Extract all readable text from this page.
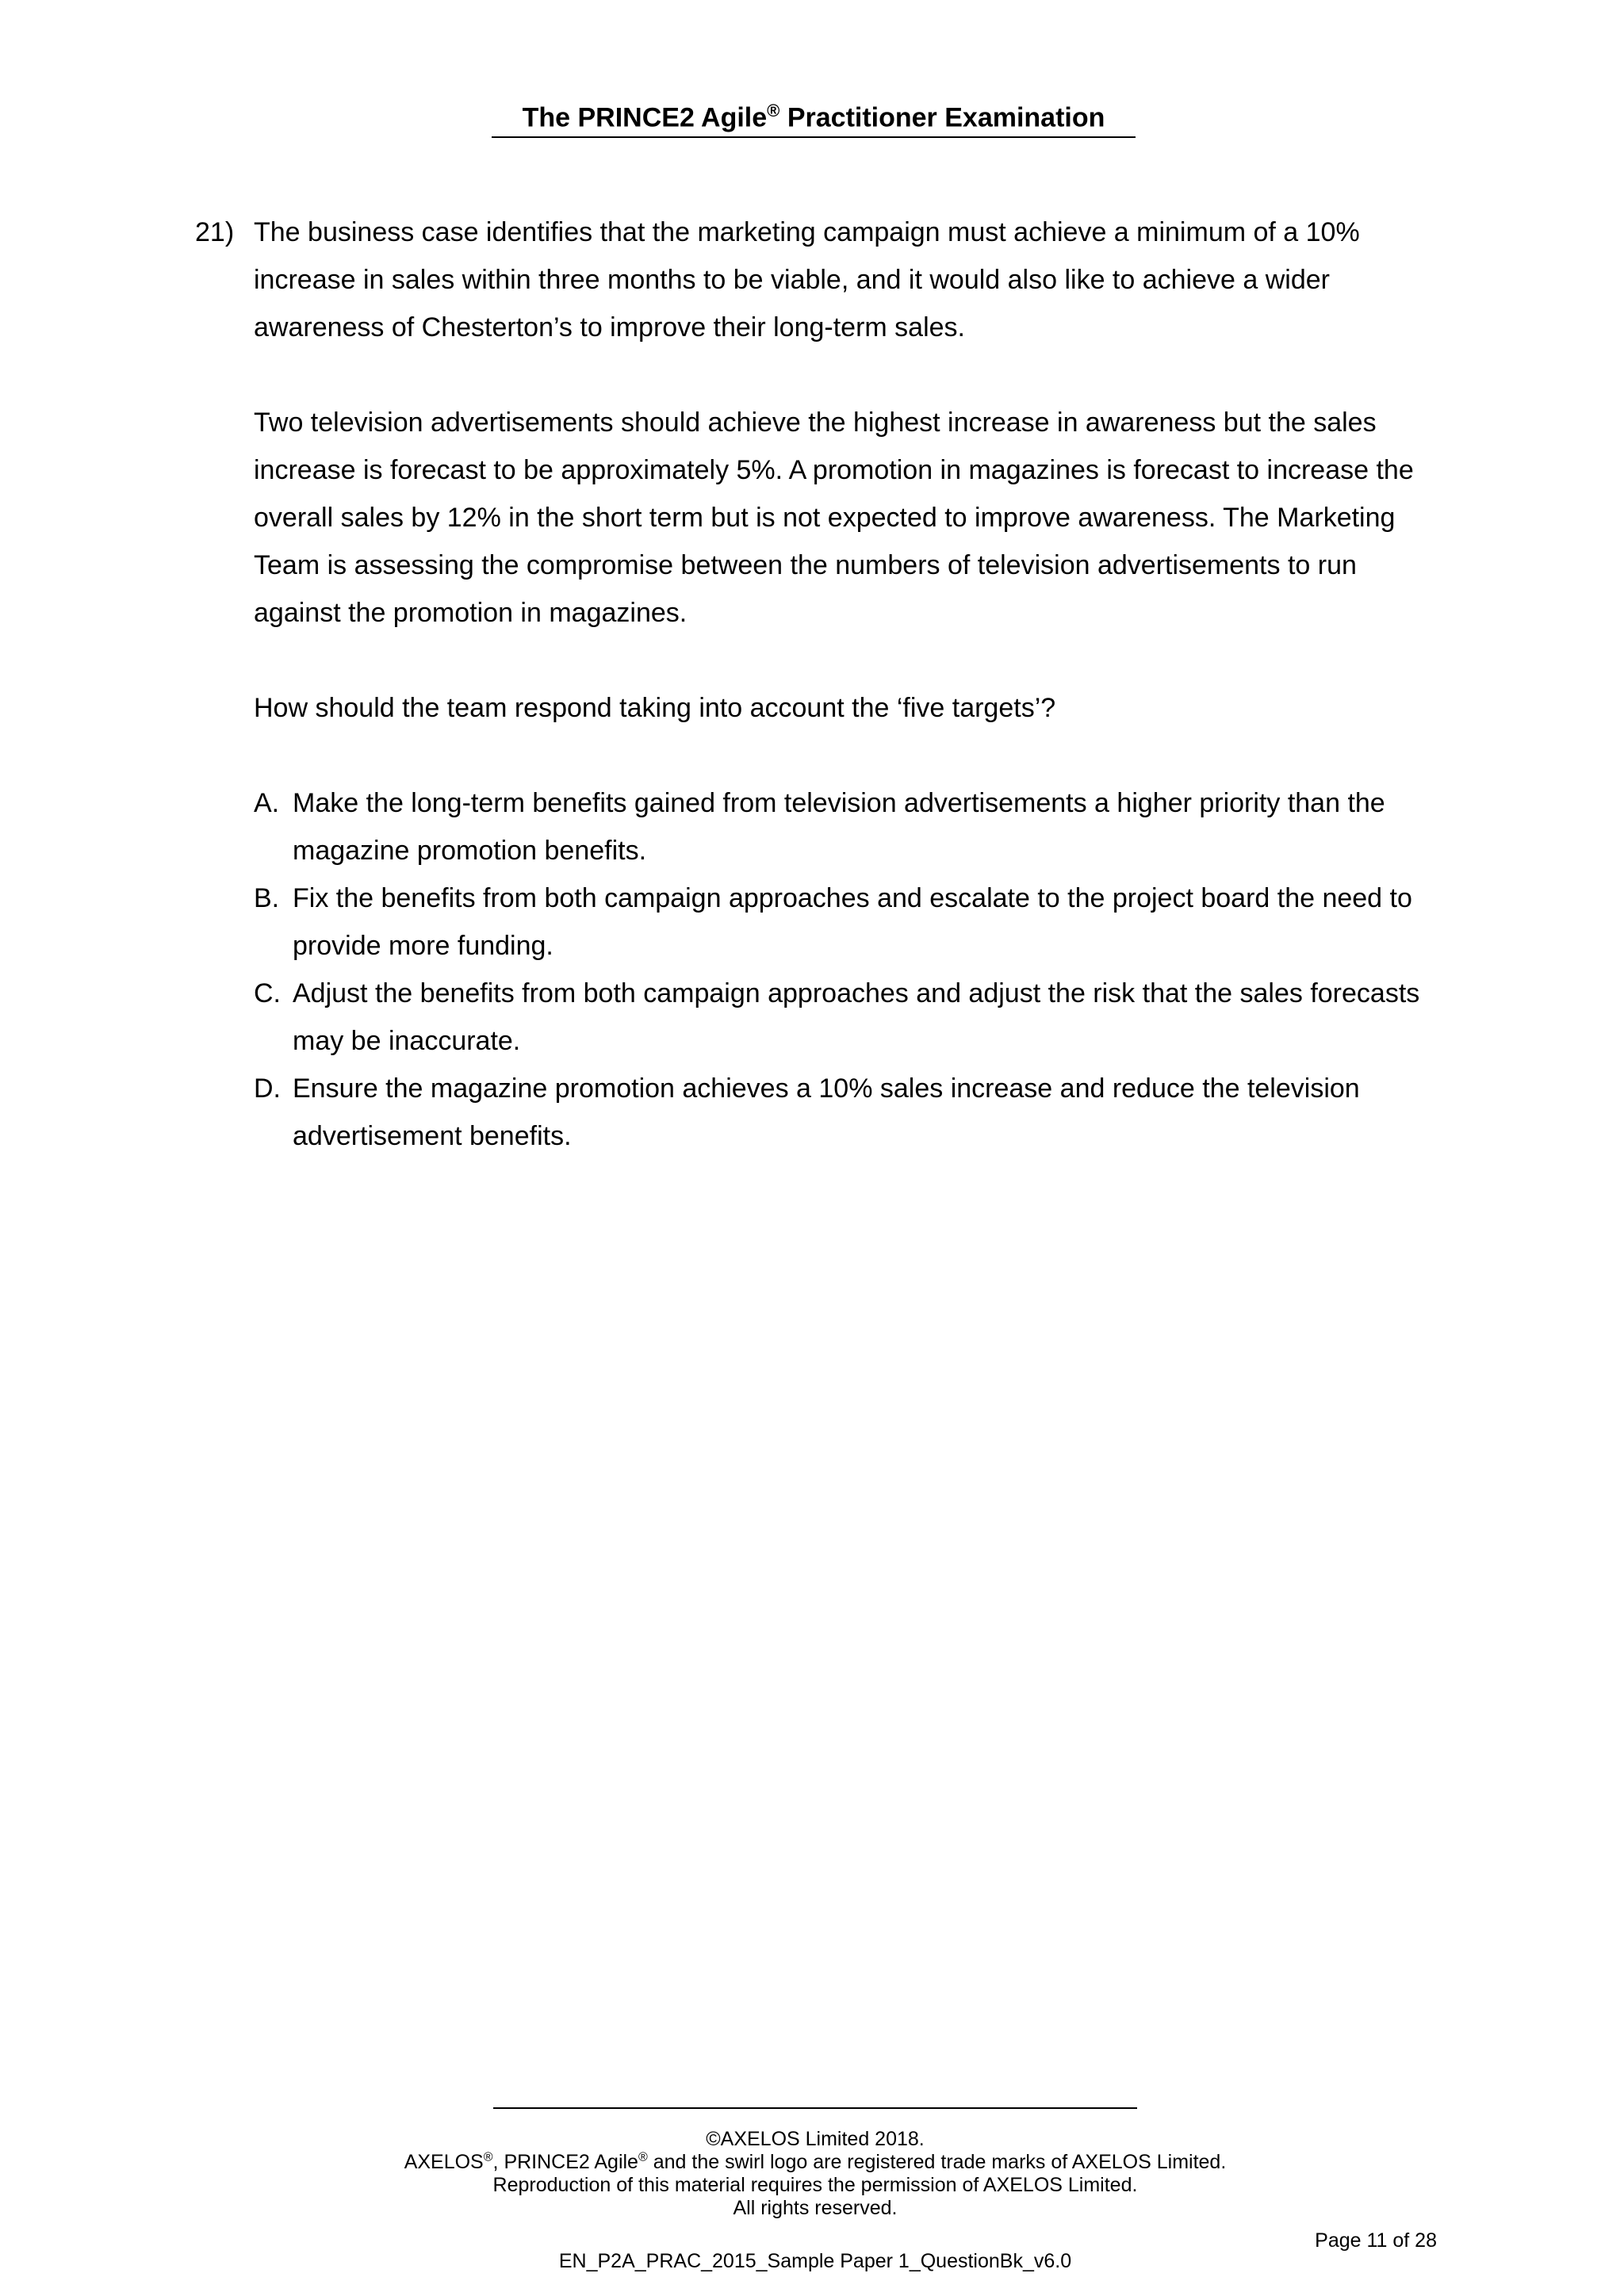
The PRINCE2 Agile® Practitioner Examination
21) The business case identifies that the marketing campaign must achieve a minimum of a 10% increase in sales within three months to be viable, and it would also like to achieve a wider awareness of Chesterton’s to improve their long-term sales.

Two television advertisements should achieve the highest increase in awareness but the sales increase is forecast to be approximately 5%. A promotion in magazines is forecast to increase the overall sales by 12% in the short term but is not expected to improve awareness. The Marketing Team is assessing the compromise between the numbers of television advertisements to run against the promotion in magazines.

How should the team respond taking into account the ‘five targets’?

A. Make the long-term benefits gained from television advertisements a higher priority than the magazine promotion benefits.
B. Fix the benefits from both campaign approaches and escalate to the project board the need to provide more funding.
C. Adjust the benefits from both campaign approaches and adjust the risk that the sales forecasts may be inaccurate.
D. Ensure the magazine promotion achieves a 10% sales increase and reduce the television advertisement benefits.
©AXELOS Limited 2018.
AXELOS®, PRINCE2 Agile® and the swirl logo are registered trade marks of AXELOS Limited.
Reproduction of this material requires the permission of AXELOS Limited.
All rights reserved.
Page 11 of 28
EN_P2A_PRAC_2015_Sample Paper 1_QuestionBk_v6.0
